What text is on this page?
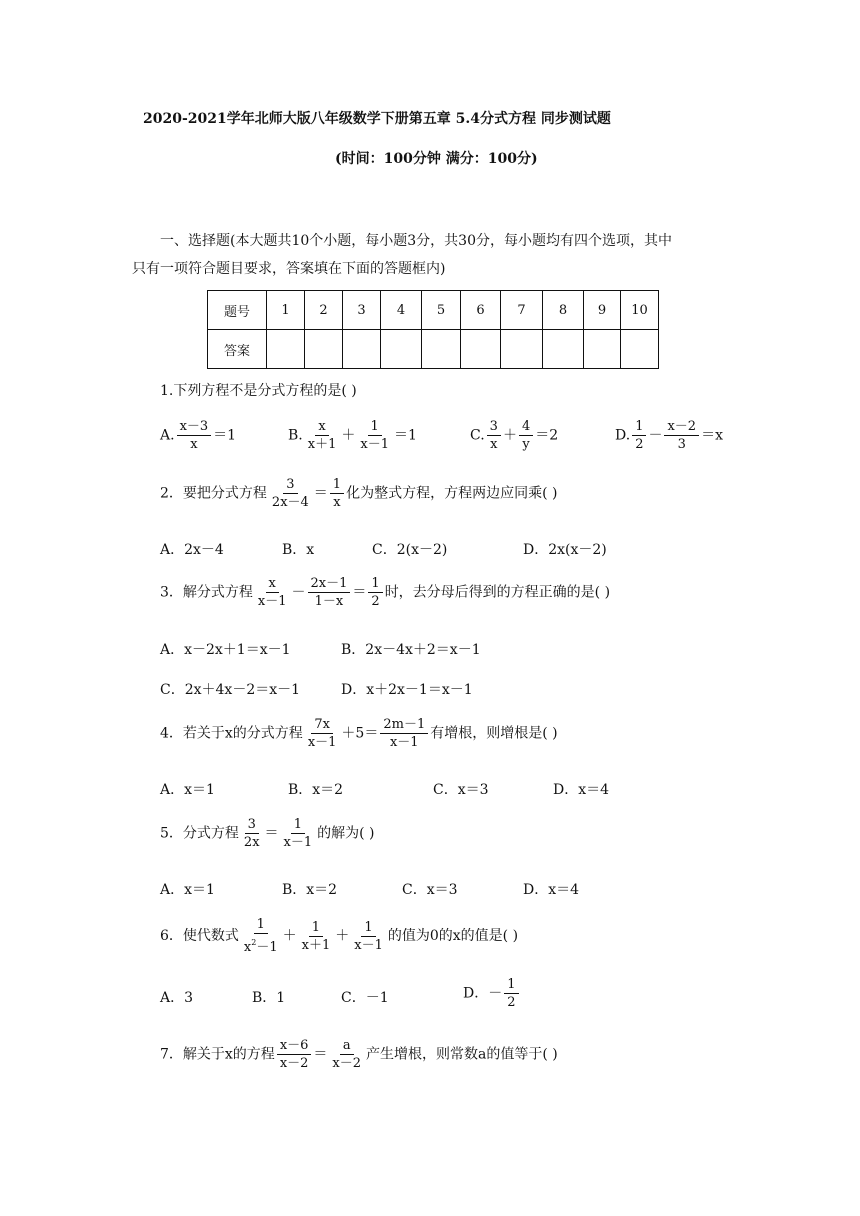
2020-2021学年北师大版八年级数学下册第五章 5.4分式方程 同步测试题
(时间：100分钟 满分：100分)
一、选择题(本大题共10个小题，每小题3分，共30分，每小题均有四个选项，其中
只有一项符合题目要求，答案填在下面的答题框内)
题号	1	2	3	4	5	6	7	8	9	10
答案										
1.下列方程不是分式方程的是( )
A. $\frac{x-3}{x} =1$	B. $\frac{x}{x+1} + \frac{1}{x-1} =1$	C. $\frac{3}{x} + \frac{4}{y} =2$	D. $\frac{1}{2} - \frac{x-2}{3} =x$
2．要把分式方程 $\frac{3}{2x-4} = \frac{1}{x}$ 化为整式方程，方程两边应同乘( )
A．2x－4	B．x	C．2(x－2)	D．2x(x－2)
3．解分式方程 $\frac{x}{x-1} - \frac{2x-1}{1-x} = \frac{1}{2}$ 时，去分母后得到的方程正确的是( )
A．x－2x＋1＝x－1	B．2x－4x＋2＝x－1
C．2x＋4x－2＝x－1	D．x＋2x－1＝x－1
4．若关于x的分式方程 $\frac{7x}{x-1} +5= \frac{2m-1}{x-1}$ 有增根，则增根是( )
A．x＝1	B．x＝2	C．x＝3	D．x＝4
5．分式方程 $\frac{3}{2x} = \frac{1}{x-1}$ 的解为( )
A．x＝1	B．x＝2	C．x＝3	D．x＝4
6．使代数式 $\frac{1}{x^2-1} + \frac{1}{x+1} + \frac{1}{x-1}$ 的值为0的x的值是( )
A．3	B．1	C．－1	D．－ $\frac{1}{2}$
7．解关于x的方程 $\frac{x-6}{x-2} = \frac{a}{x-2}$ 产生增根，则常数a的值等于( )
